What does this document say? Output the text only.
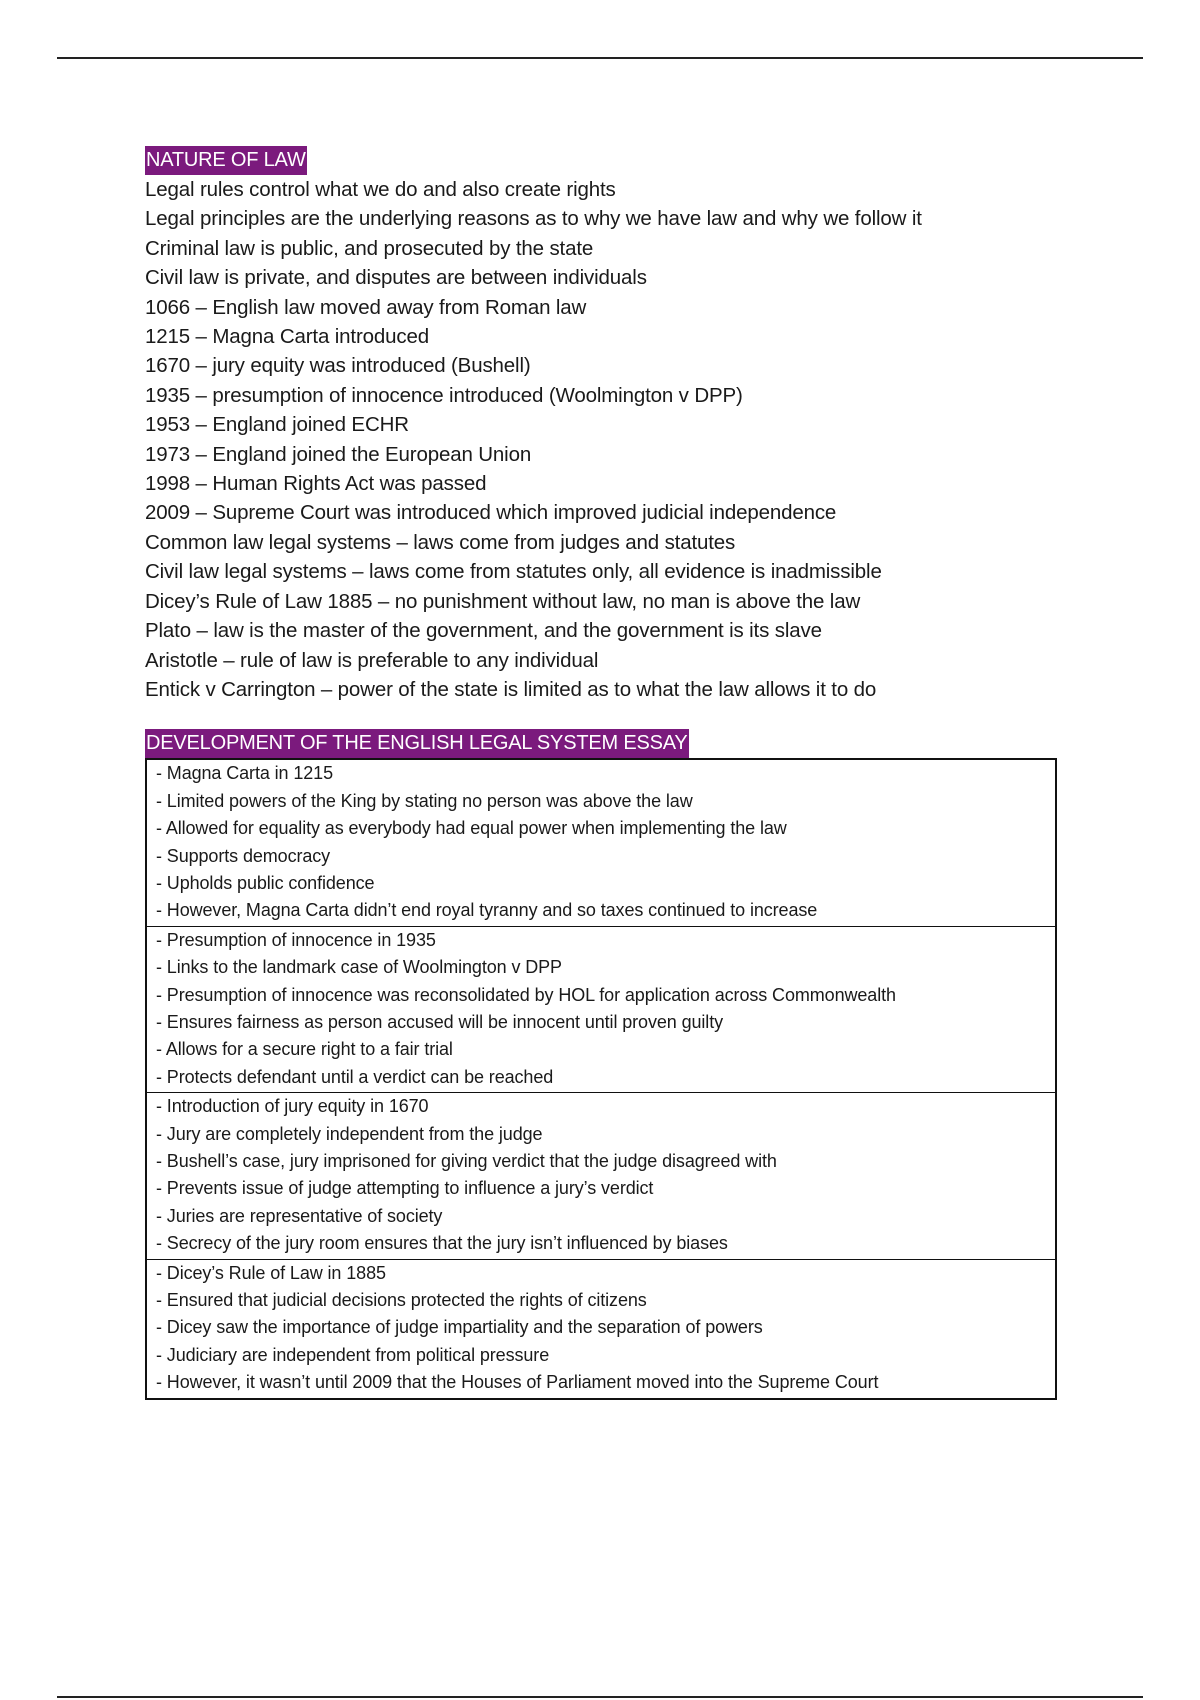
NATURE OF LAW
Legal rules control what we do and also create rights
Legal principles are the underlying reasons as to why we have law and why we follow it
Criminal law is public, and prosecuted by the state
Civil law is private, and disputes are between individuals
1066 – English law moved away from Roman law
1215 – Magna Carta introduced
1670 – jury equity was introduced (Bushell)
1935 – presumption of innocence introduced (Woolmington v DPP)
1953 – England joined ECHR
1973 – England joined the European Union
1998 – Human Rights Act was passed
2009 – Supreme Court was introduced which improved judicial independence
Common law legal systems – laws come from judges and statutes
Civil law legal systems – laws come from statutes only, all evidence is inadmissible
Dicey’s Rule of Law 1885 – no punishment without law, no man is above the law
Plato – law is the master of the government, and the government is its slave
Aristotle – rule of law is preferable to any individual
Entick v Carrington – power of the state is limited as to what the law allows it to do
DEVELOPMENT OF THE ENGLISH LEGAL SYSTEM ESSAY
- Magna Carta in 1215
- Limited powers of the King by stating no person was above the law
- Allowed for equality as everybody had equal power when implementing the law
- Supports democracy
- Upholds public confidence
- However, Magna Carta didn’t end royal tyranny and so taxes continued to increase
- Presumption of innocence in 1935
- Links to the landmark case of Woolmington v DPP
- Presumption of innocence was reconsolidated by HOL for application across Commonwealth
- Ensures fairness as person accused will be innocent until proven guilty
- Allows for a secure right to a fair trial
- Protects defendant until a verdict can be reached
- Introduction of jury equity in 1670
- Jury are completely independent from the judge
- Bushell’s case, jury imprisoned for giving verdict that the judge disagreed with
- Prevents issue of judge attempting to influence a jury’s verdict
- Juries are representative of society
- Secrecy of the jury room ensures that the jury isn’t influenced by biases
- Dicey’s Rule of Law in 1885
- Ensured that judicial decisions protected the rights of citizens
- Dicey saw the importance of judge impartiality and the separation of powers
- Judiciary are independent from political pressure
- However, it wasn’t until 2009 that the Houses of Parliament moved into the Supreme Court
